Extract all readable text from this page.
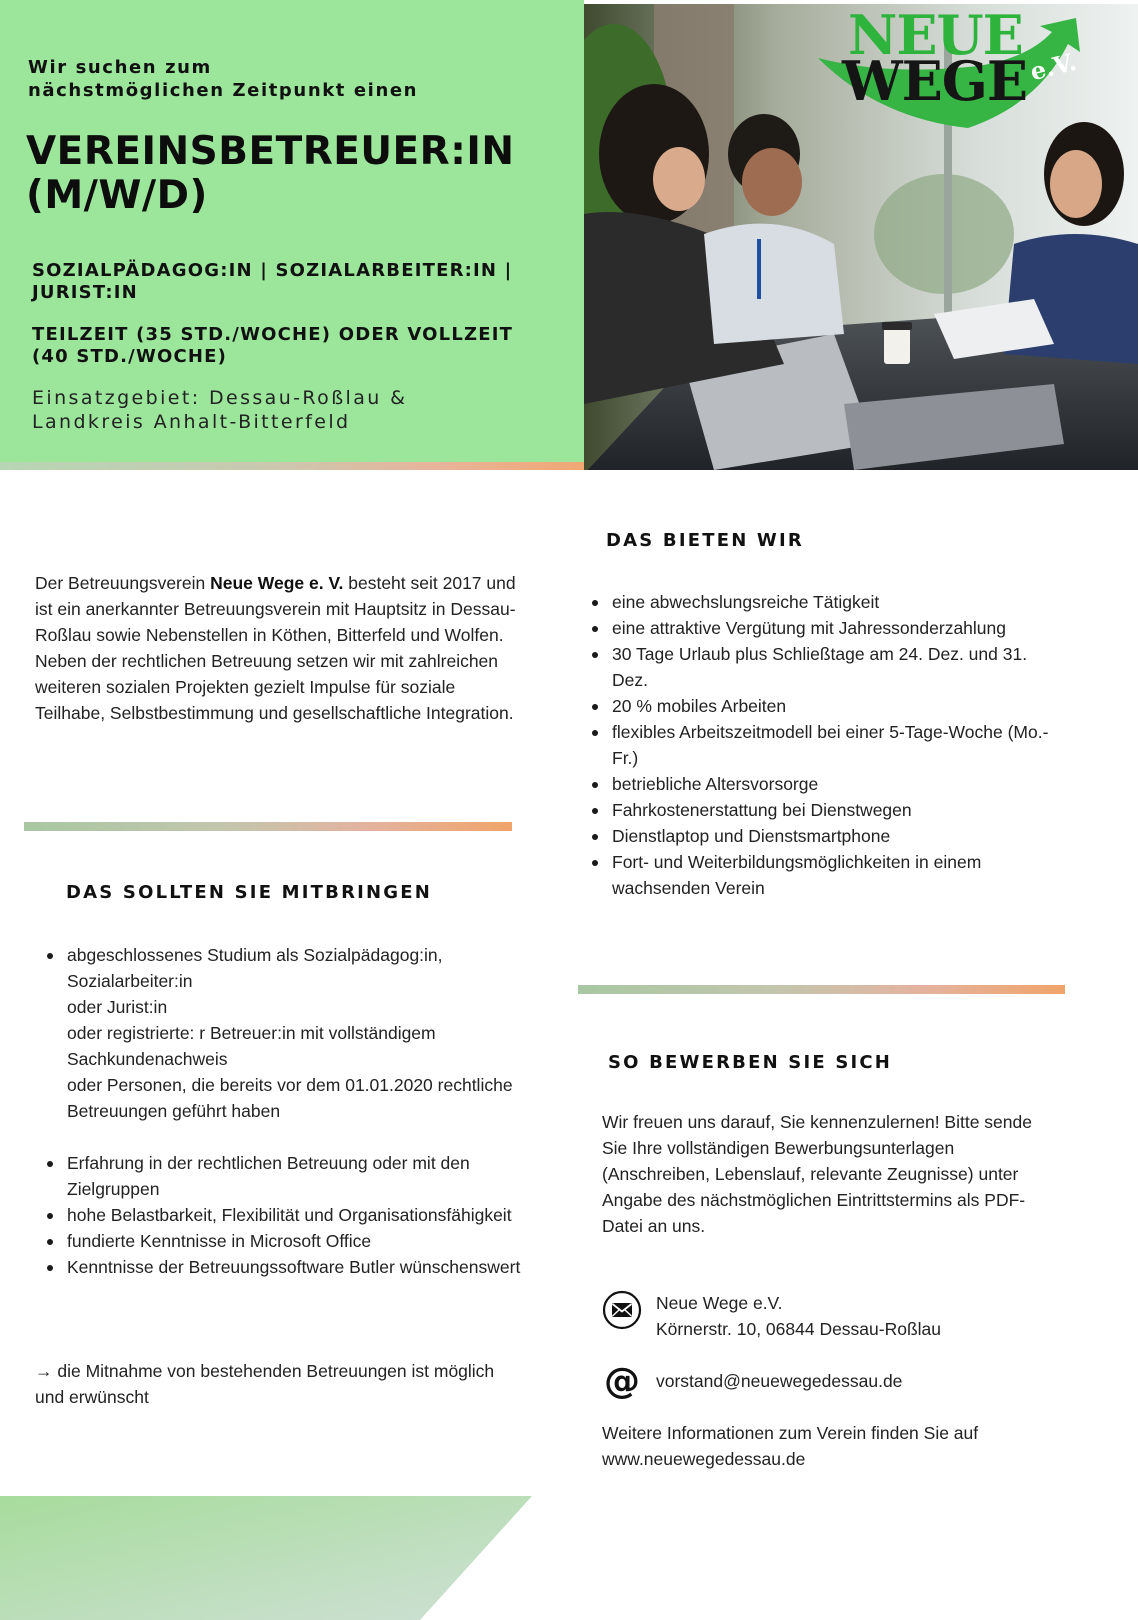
Wir suchen zum
nächstmöglichen Zeitpunkt einen
VEREINSBETREUER:IN
(M/W/D)
SOZIALPÄDAGOG:IN | SOZIALARBEITER:IN |
JURIST:IN
TEILZEIT (35 STD./WOCHE) ODER VOLLZEIT
(40 STD./WOCHE)
Einsatzgebiet: Dessau-Roßlau &
Landkreis Anhalt-Bitterfeld
NEUE
WEGE e.V.

Der Betreuungsverein Neue Wege e. V. besteht seit 2017 und ist ein anerkannter Betreuungsverein mit Hauptsitz in Dessau-Roßlau sowie Nebenstellen in Köthen, Bitterfeld und Wolfen. Neben der rechtlichen Betreuung setzen wir mit zahlreichen weiteren sozialen Projekten gezielt Impulse für soziale Teilhabe, Selbstbestimmung und gesellschaftliche Integration.

DAS SOLLTEN SIE MITBRINGEN
abgeschlossenes Studium als Sozialpädagog:in, Sozialarbeiter:in
oder Jurist:in
oder registrierte: r Betreuer:in mit vollständigem Sachkundenachweis
oder Personen, die bereits vor dem 01.01.2020 rechtliche Betreuungen geführt haben
Erfahrung in der rechtlichen Betreuung oder mit den Zielgruppen
hohe Belastbarkeit, Flexibilität und Organisationsfähigkeit
fundierte Kenntnisse in Microsoft Office
Kenntnisse der Betreuungssoftware Butler wünschenswert

→ die Mitnahme von bestehenden Betreuungen ist möglich und erwünscht

DAS BIETEN WIR
eine abwechslungsreiche Tätigkeit
eine attraktive Vergütung mit Jahressonderzahlung
30 Tage Urlaub plus Schließtage am 24. Dez. und 31. Dez.
20 % mobiles Arbeiten
flexibles Arbeitszeitmodell bei einer 5-Tage-Woche (Mo.-Fr.)
betriebliche Altersvorsorge
Fahrkostenerstattung bei Dienstwegen
Dienstlaptop und Dienstsmartphone
Fort- und Weiterbildungsmöglichkeiten in einem wachsenden Verein
SO BEWERBEN SIE SICH

Wir freuen uns darauf, Sie kennenzulernen! Bitte sende Sie Ihre vollständigen Bewerbungsunterlagen (Anschreiben, Lebenslauf, relevante Zeugnisse) unter Angabe des nächstmöglichen Eintrittstermins als PDF-Datei an uns.

Neue Wege e.V.
Körnerstr. 10, 06844 Dessau-Roßlau
@ vorstand@neuewegedessau.de

Weitere Informationen zum Verein finden Sie auf www.neuewegedessau.de
